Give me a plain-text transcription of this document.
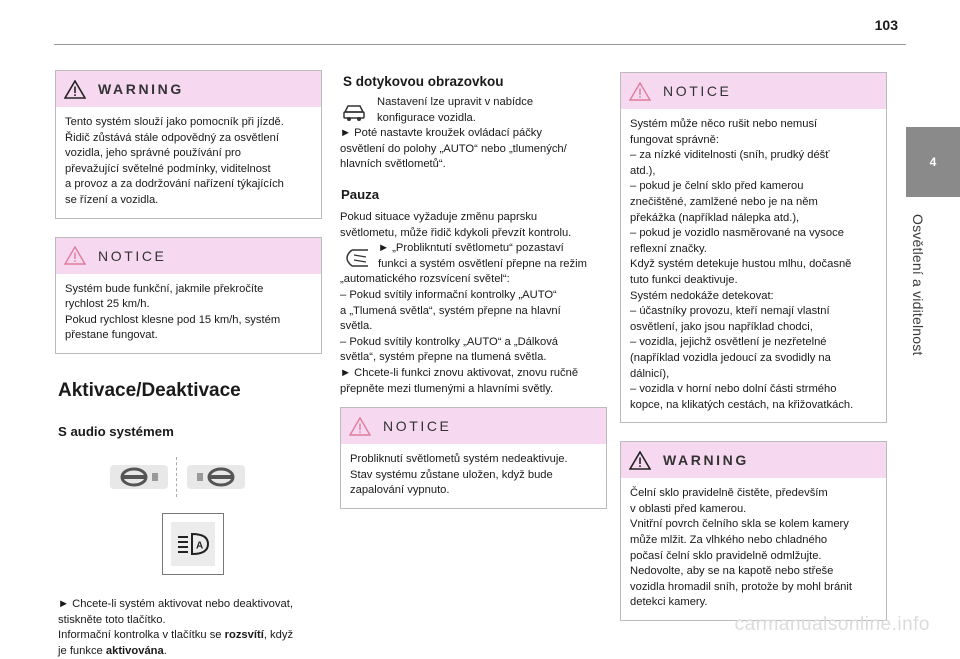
103
4
Osvětlení a viditelnost
WARNING

Tento systém slouží jako pomocník při jízdě.

Řidič zůstává stále odpovědný za osvětlení

vozidla, jeho správné používání pro

převažující světelné podmínky, viditelnost

a provoz a za dodržování nařízení týkajících

se řízení a vozidla.

NOTICE

Systém bude funkční, jakmile překročíte

rychlost 25 km/h.

Pokud rychlost klesne pod 15 km/h, systém

přestane fungovat.

Aktivace/Deaktivace
S audio systémem
A

► Chcete-li systém aktivovat nebo deaktivovat,

stiskněte toto tlačítko.

Informační kontrolka v tlačítku se rozsvítí, když

je funkce aktivována.

S dotykovou obrazovkou

Nastavení lze upravit v nabídce

konfigurace vozidla.

► Poté nastavte kroužek ovládací páčky

osvětlení do polohy „AUTO“ nebo „tlumených/

hlavních světlometů“.

Pauza

Pokud situace vyžaduje změnu paprsku

světlometu, může řidič kdykoli převzít kontrolu.

► „Problikntutí světlometu“ pozastaví

funkci a systém osvětlení přepne na režim

„automatického rozsvícení světel“:

– Pokud svítily informační kontrolky „AUTO“

a „Tlumená světla“, systém přepne na hlavní

světla.

– Pokud svítily kontrolky „AUTO“ a „Dálková

světla“, systém přepne na tlumená světla.

► Chcete-li funkci znovu aktivovat, znovu ručně

přepněte mezi tlumenými a hlavními světly.

NOTICE

Probliknutí světlometů systém nedeaktivuje.

Stav systému zůstane uložen, když bude

zapalování vypnuto.

NOTICE

Systém může něco rušit nebo nemusí

fungovat správně:

– za nízké viditelnosti (sníh, prudký déšť

atd.),

– pokud je čelní sklo před kamerou

znečištěné, zamlžené nebo je na něm

překážka (například nálepka atd.),

– pokud je vozidlo nasměrované na vysoce

reflexní značky.

Když systém detekuje hustou mlhu, dočasně

tuto funkci deaktivuje.

Systém nedokáže detekovat:

– účastníky provozu, kteří nemají vlastní

osvětlení, jako jsou například chodci,

– vozidla, jejichž osvětlení je nezřetelné

(například vozidla jedoucí za svodidly na

dálnicí),

– vozidla v horní nebo dolní části strmého

kopce, na klikatých cestách, na křižovatkách.

WARNING

Čelní sklo pravidelně čistěte, především

v oblasti před kamerou.

Vnitřní povrch čelního skla se kolem kamery

může mlžit. Za vlhkého nebo chladného

počasí čelní sklo pravidelně odmlžujte.

Nedovolte, aby se na kapotě nebo střeše

vozidla hromadil sníh, protože by mohl bránit

detekci kamery.

carmanualsonline.info
